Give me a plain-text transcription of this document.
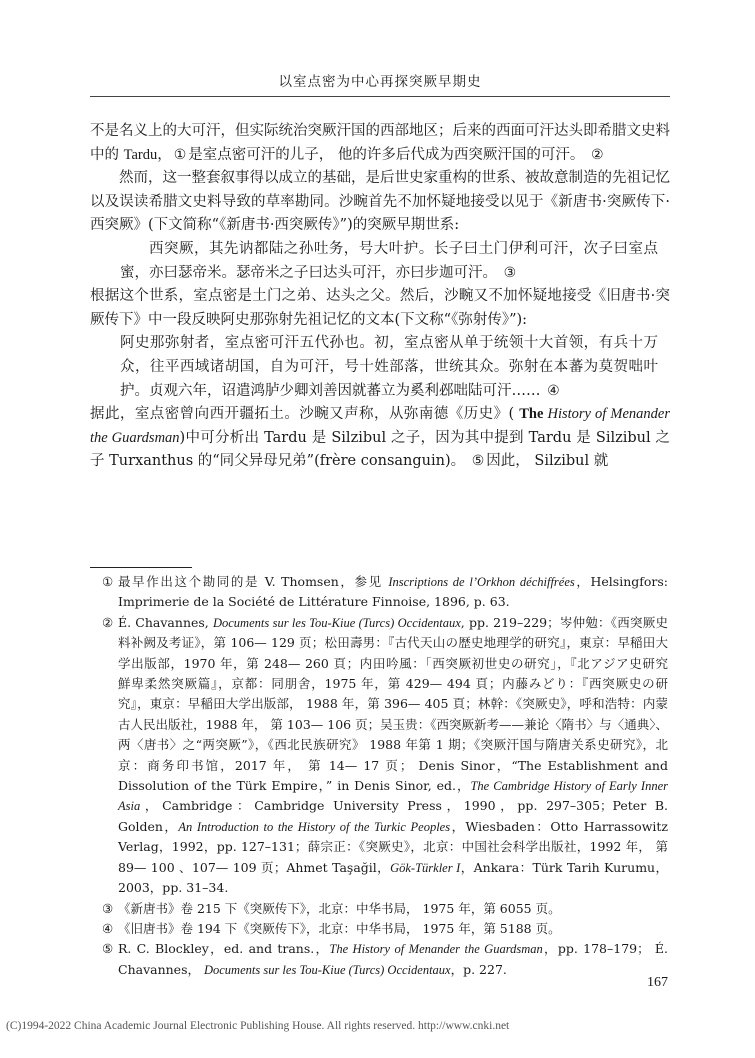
以室点密为中心再探突厥早期史

不是名义上的大可汗，但实际统治突厥汗国的西部地区；后来的西面可汗达头即希腊文史料中的 Tardu， ① 是室点密可汗的儿子， 他的许多后代成为西突厥汗国的可汗。 ②

然而，这一整套叙事得以成立的基础，是后世史家重构的世系、被故意制造的先祖记忆以及误读希腊文史料导致的草率勘同。沙畹首先不加怀疑地接受以见于《新唐书·突厥传下·西突厥》(下文简称“《新唐书·西突厥传》”)的突厥早期世系:

西突厥，其先讷都陆之孙吐务，号大叶护。长子曰土门伊利可汗，次子曰室点蜜，亦曰瑟帝米。瑟帝米之子曰达头可汗，亦曰步迦可汗。 ③

根据这个世系，室点密是土门之弟、达头之父。然后，沙畹又不加怀疑地接受《旧唐书·突厥传下》中一段反映阿史那弥射先祖记忆的文本(下文称“《弥射传》”):

阿史那弥射者，室点密可汗五代孙也。初，室点密从单于统领十大首领，有兵十万众，往平西域诸胡国，自为可汗，号十姓部落，世统其众。弥射在本蕃为莫贺咄叶护。贞观六年，诏遣鸿胪少卿刘善因就蕃立为奚利邲咄陆可汗…… ④

据此，室点密曾向西开疆拓土。沙畹又声称，从弥南德《历史》( The History of Menander the Guardsman)中可分析出 Tardu 是 Silzibul 之子，因为其中提到 Tardu 是 Silzibul 之子 Turxanthus 的“同父异母兄弟”(frère consanguin)。 ⑤ 因此， Silzibul 就

① 最早作出这个勘同的是 V. Thomsen，参见 Inscriptions de l’Orkhon déchiffrées，Helsingfors: Imprimerie de la Société de Littérature Finnoise, 1896, p. 63.
② É. Chavannes, Documents sur les Tou-Kiue (Turcs) Occidentaux, pp. 219–229；岑仲勉：《西突厥史料补阙及考证》，第 106— 129 页；松田壽男：『古代天山の歴史地理学的研究』，東京：早稲田大学出版部，1970 年，第 248— 260 頁；内田吟風：「西突厥初世史の研究」，『北アジア史研究　鮮卑柔然突厥篇』，京都：同朋舍，1975 年，第 429— 494 頁；内藤みどり：『西突厥史の研究』，東京：早稲田大学出版部， 1988 年，第 396— 405 頁；林幹：《突厥史》，呼和浩特：内蒙古人民出版社，1988 年， 第 103— 106 页；吴玉贵：《西突厥新考——兼论〈隋书〉与〈通典〉、两〈唐书〉之“两突厥”》，《西北民族研究》 1988 年第 1 期；《突厥汗国与隋唐关系史研究》，北京：商务印书馆，2017 年， 第 14— 17 页； Denis Sinor，“The Establishment and Dissolution of the Türk Empire，” in Denis Sinor, ed.，The Cambridge History of Early Inner Asia，Cambridge：Cambridge University Press，1990，pp. 297–305；Peter B. Golden，An Introduction to the History of the Turkic Peoples，Wiesbaden：Otto Harrassowitz Verlag，1992，pp. 127–131；薛宗正：《突厥史》，北京：中国社会科学出版社，1992 年， 第 89— 100 、107— 109 页；Ahmet Taşağil，Gök-Türkler I，Ankara：Türk Tarih Kurumu，2003，pp. 31–34.
③ 《新唐书》卷 215 下《突厥传下》，北京：中华书局， 1975 年，第 6055 页。
④ 《旧唐书》卷 194 下《突厥传下》，北京：中华书局， 1975 年，第 5188 页。
⑤ R. C. Blockley，ed. and trans.，The History of Menander the Guardsman，pp. 178–179； É. Chavannes， Documents sur les Tou-Kiue (Turcs) Occidentaux，p. 227.
167
(C)1994-2022 China Academic Journal Electronic Publishing House. All rights reserved. http://www.cnki.net
